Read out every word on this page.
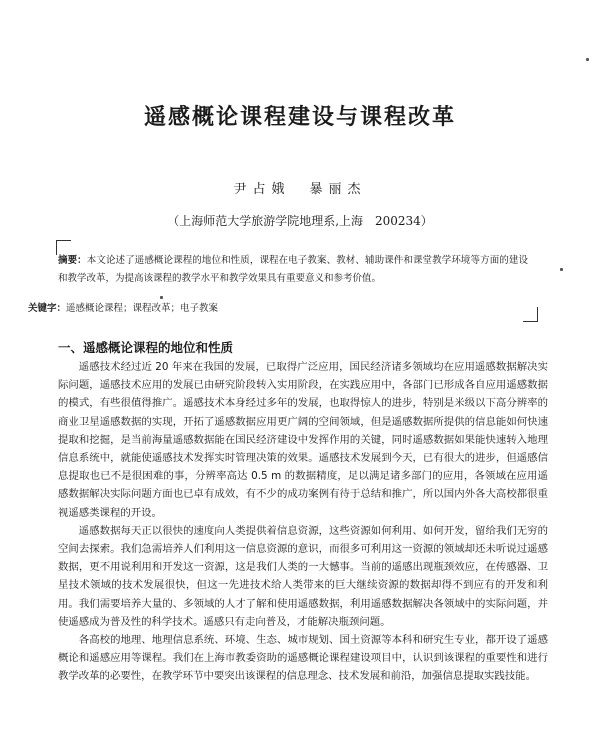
遥感概论课程建设与课程改革
尹占娥　暴丽杰
（上海师范大学旅游学院地理系,上海　200234）
摘要：本文论述了遥感概论课程的地位和性质，课程在电子教案、教材、辅助课件和课堂教学环境等方面的建设和教学改革，为提高该课程的教学水平和教学效果具有重要意义和参考价值。
关键字：遥感概论课程；课程改革；电子教案
一、遥感概论课程的地位和性质

遥感技术经过近 20 年来在我国的发展，已取得广泛应用，国民经济诸多领域均在应用遥感数据解决实际问题，遥感技术应用的发展已由研究阶段转入实用阶段，在实践应用中，各部门已形成各自应用遥感数据的模式，有些很值得推广。遥感技术本身经过多年的发展，也取得惊人的进步，特别是米级以下高分辨率的商业卫星遥感数据的实现，开拓了遥感数据应用更广阔的空间领域，但是遥感数据所提供的信息能如何快速提取和挖掘，是当前海量遥感数据能在国民经济建设中发挥作用的关键，同时遥感数据如果能快速转入地理信息系统中，就能使遥感技术发挥实时管理决策的效果。遥感技术发展到今天，已有很大的进步，但遥感信息提取也已不是很困难的事，分辨率高达 0.5 m 的数据精度，足以满足诸多部门的应用，各领域在应用遥感数据解决实际问题方面也已卓有成效，有不少的成功案例有待于总结和推广，所以国内外各大高校都很重视遥感类课程的开设。

遥感数据每天正以很快的速度向人类提供着信息资源，这些资源如何利用、如何开发，留给我们无穷的空间去探索。我们急需培养人们利用这一信息资源的意识，而很多可利用这一资源的领域却还未听说过遥感数据，更不用说利用和开发这一资源，这是我们人类的一大憾事。当前的遥感出现瓶颈效应，在传感器、卫星技术领域的技术发展很快，但这一先进技术给人类带来的巨大继续资源的数据却得不到应有的开发和利用。我们需要培养大量的、多领域的人才了解和使用遥感数据，利用遥感数据解决各领域中的实际问题，并使遥感成为普及性的科学技术。遥感只有走向普及，才能解决瓶颈问题。

各高校的地理、地理信息系统、环境、生态、城市规划、国土资源等本科和研究生专业，都开设了遥感概论和遥感应用等课程。我们在上海市教委资助的遥感概论课程建设项目中，认识到该课程的重要性和进行教学改革的必要性，在教学环节中要突出该课程的信息理念、技术发展和前沿，加强信息提取实践技能。
